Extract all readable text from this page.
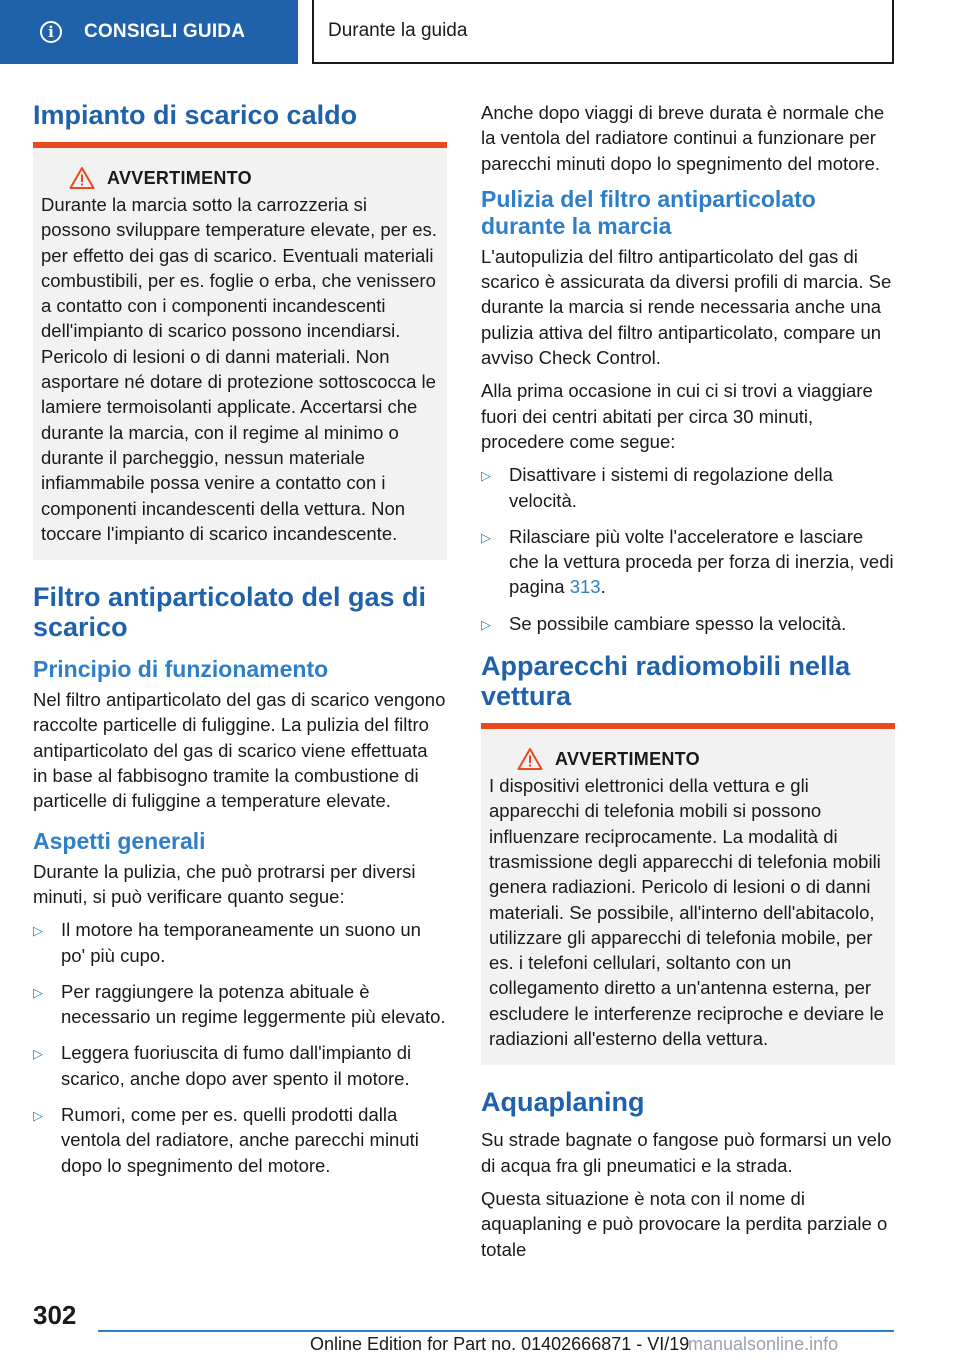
i	CONSIGLI GUIDA	Durante la guida
Impianto di scarico caldo
AVVERTIMENTO

Durante la marcia sotto la carrozzeria si possono sviluppare temperature elevate, per es. per effetto dei gas di scarico. Eventuali materiali combustibili, per es. foglie o erba, che venissero a contatto con i componenti incandescenti dell'impianto di scarico possono incendiarsi. Pericolo di lesioni o di danni materiali. Non asportare né dotare di protezione sottoscocca le lamiere termoisolanti applicate. Accertarsi che durante la marcia, con il regime al minimo o durante il parcheggio, nessun materiale infiammabile possa venire a contatto con i componenti incandescenti della vettura. Non toccare l'impianto di scarico incandescente.

Filtro antiparticolato del gas di scarico
Principio di funzionamento

Nel filtro antiparticolato del gas di scarico vengono raccolte particelle di fuliggine. La pulizia del filtro antiparticolato del gas di scarico viene effettuata in base al fabbisogno tramite la combustione di particelle di fuliggine a temperature elevate.

Aspetti generali

Durante la pulizia, che può protrarsi per diversi minuti, si può verificare quanto segue:

▷ Il motore ha temporaneamente un suono un po' più cupo.
▷ Per raggiungere la potenza abituale è necessario un regime leggermente più elevato.
▷ Leggera fuoriuscita di fumo dall'impianto di scarico, anche dopo aver spento il motore.
▷ Rumori, come per es. quelli prodotti dalla ventola del radiatore, anche parecchi minuti dopo lo spegnimento del motore.

Anche dopo viaggi di breve durata è normale che la ventola del radiatore continui a funzionare per parecchi minuti dopo lo spegnimento del motore.

Pulizia del filtro antiparticolato durante la marcia

L'autopulizia del filtro antiparticolato del gas di scarico è assicurata da diversi profili di marcia. Se durante la marcia si rende necessaria anche una pulizia attiva del filtro antiparticolato, compare un avviso Check Control.

Alla prima occasione in cui ci si trovi a viaggiare fuori dei centri abitati per circa 30 minuti, procedere come segue:

▷ Disattivare i sistemi di regolazione della velocità.
▷ Rilasciare più volte l'acceleratore e lasciare che la vettura proceda per forza di inerzia, vedi pagina 313.
▷ Se possibile cambiare spesso la velocità.
Apparecchi radiomobili nella vettura
AVVERTIMENTO

I dispositivi elettronici della vettura e gli apparecchi di telefonia mobili si possono influenzare reciprocamente. La modalità di trasmissione degli apparecchi di telefonia mobili genera radiazioni. Pericolo di lesioni o di danni materiali. Se possibile, all'interno dell'abitacolo, utilizzare gli apparecchi di telefonia mobile, per es. i telefoni cellulari, soltanto con un collegamento diretto a un'antenna esterna, per escludere le interferenze reciproche e deviare le radiazioni all'esterno della vettura.

Aquaplaning

Su strade bagnate o fangose può formarsi un velo di acqua fra gli pneumatici e la strada.

Questa situazione è nota con il nome di aquaplaning e può provocare la perdita parziale o totale

302
Online Edition for Part no. 01402666871 - VI/19
manualsonline.info
